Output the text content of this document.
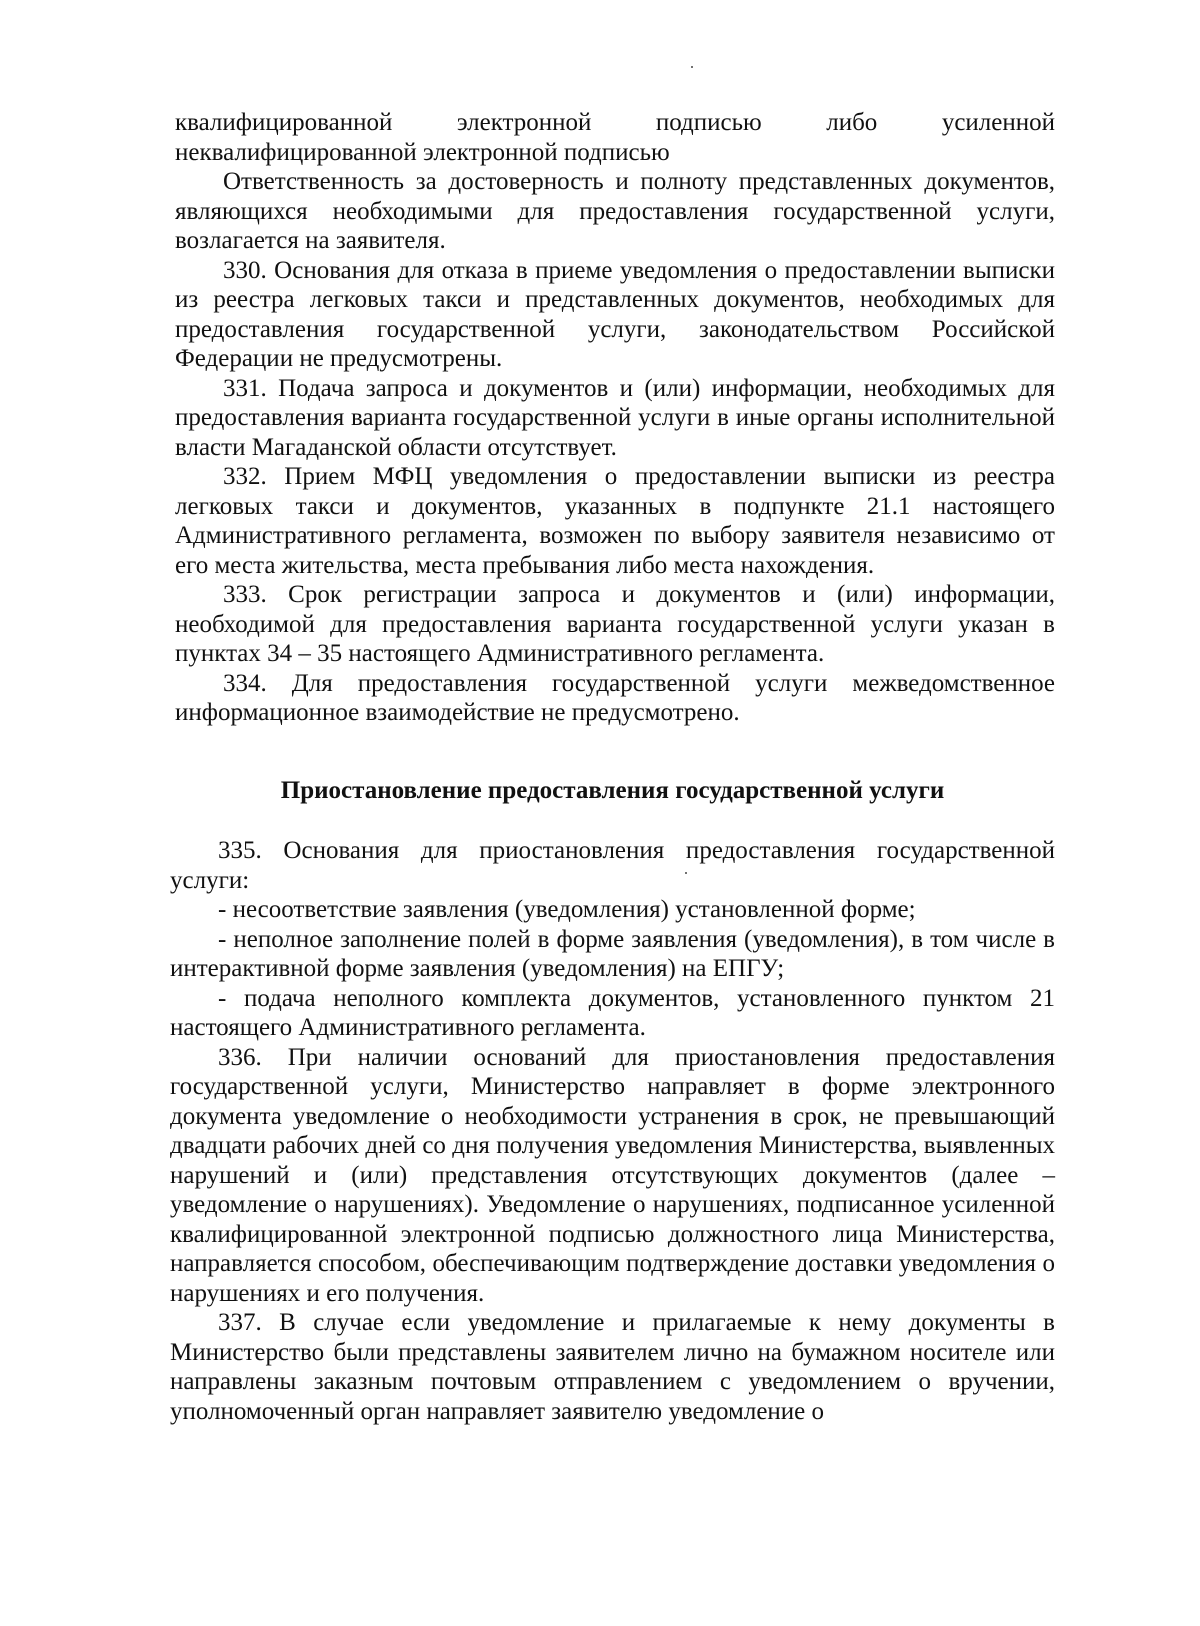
квалифицированной электронной подписью либо усиленной неквалифицированной электронной подписью

Ответственность за достоверность и полноту представленных документов, являющихся необходимыми для предоставления государственной услуги, возлагается на заявителя.

330. Основания для отказа в приеме уведомления о предоставлении выписки из реестра легковых такси и представленных документов, необходимых для предоставления государственной услуги, законодательством Российской Федерации не предусмотрены.

331. Подача запроса и документов и (или) информации, необходимых для предоставления варианта государственной услуги в иные органы исполнительной власти Магаданской области отсутствует.

332. Прием МФЦ уведомления о предоставлении выписки из реестра легковых такси и документов, указанных в подпункте 21.1 настоящего Административного регламента, возможен по выбору заявителя независимо от его места жительства, места пребывания либо места нахождения.

333. Срок регистрации запроса и документов и (или) информации, необходимой для предоставления варианта государственной услуги указан в пунктах 34 – 35 настоящего Административного регламента.

334. Для предоставления государственной услуги межведомственное информационное взаимодействие не предусмотрено.

Приостановление предоставления государственной услуги

335. Основания для приостановления предоставления государственной услуги:

- несоответствие заявления (уведомления) установленной форме;

- неполное заполнение полей в форме заявления (уведомления), в том числе в интерактивной форме заявления (уведомления) на ЕПГУ;

- подача неполного комплекта документов, установленного пунктом 21 настоящего Административного регламента.

336. При наличии оснований для приостановления предоставления государственной услуги, Министерство направляет в форме электронного документа уведомление о необходимости устранения в срок, не превышающий двадцати рабочих дней со дня получения уведомления Министерства, выявленных нарушений и (или) представления отсутствующих документов (далее – уведомление о нарушениях). Уведомление о нарушениях, подписанное усиленной квалифицированной электронной подписью должностного лица Министерства, направляется способом, обеспечивающим подтверждение доставки уведомления о нарушениях и его получения.

337. В случае если уведомление и прилагаемые к нему документы в Министерство были представлены заявителем лично на бумажном носителе или направлены заказным почтовым отправлением с уведомлением о вручении, уполномоченный орган направляет заявителю уведомление о
